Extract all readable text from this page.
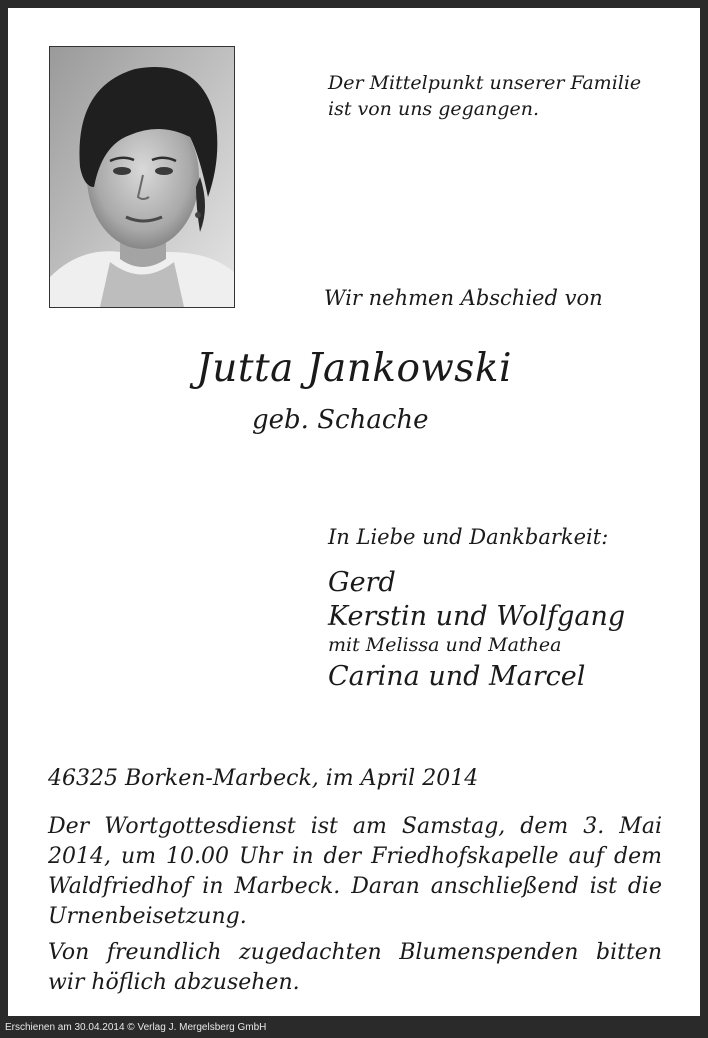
Der Mittelpunkt unserer Familie
ist von uns gegangen.
Wir nehmen Abschied von
Jutta Jankowski
geb. Schache
In Liebe und Dankbarkeit:
Gerd
Kerstin und Wolfgang
mit Melissa und Mathea
Carina und Marcel
46325 Borken-Marbeck, im April 2014

Der Wortgottesdienst ist am Samstag, dem 3. Mai 2014, um 10.00 Uhr in der Friedhofskapelle auf dem Waldfriedhof in Marbeck. Daran anschließend ist die Urnenbeisetzung.

Von freundlich zugedachten Blumenspenden bitten wir höflich abzusehen.

Erschienen am 30.04.2014 © Verlag J. Mergelsberg GmbH
